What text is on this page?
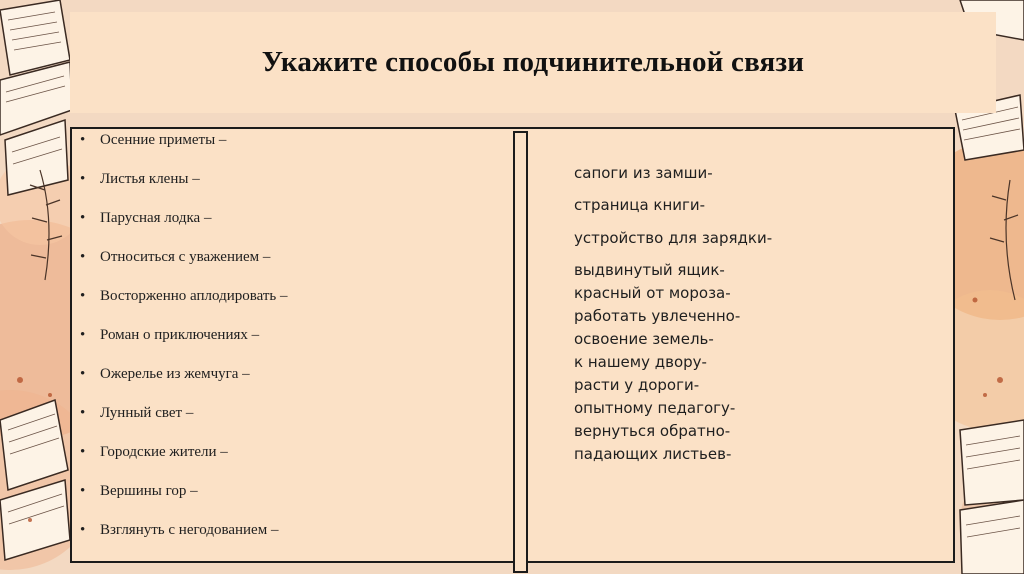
Укажите способы подчинительной связи
• Осенние приметы –
• Листья клены –
• Парусная лодка –
• Относиться с уважением –
• Восторженно аплодировать –
• Роман о приключениях –
• Ожерелье из жемчуга –
• Лунный свет –
• Городские жители –
• Вершины гор –
• Взглянуть с негодованием –
сапоги из замши-
страница книги-
устройство для зарядки-
выдвинутый ящик-
красный от мороза-
работать увлеченно-
освоение земель-
к нашему двору-
расти у дороги-
опытному педагогу-
вернуться обратно-
падающих листьев-
